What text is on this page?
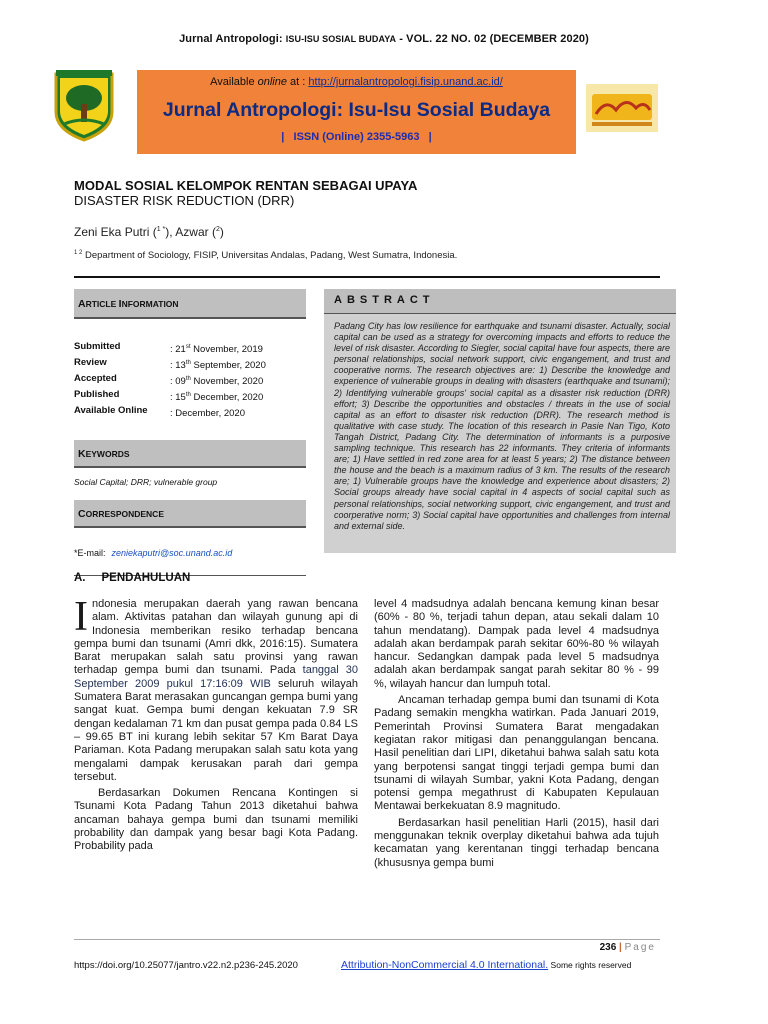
Jurnal Antropologi: ISU-ISU SOSIAL BUDAYA - VOL. 22 NO. 02 (DECEMBER 2020)
Available online at : http://jurnalantropologi.fisip.unand.ac.id/
Jurnal Antropologi: Isu-Isu Sosial Budaya
|   ISSN (Online) 2355-5963   |
MODAL SOSIAL KELOMPOK RENTAN SEBAGAI UPAYA
DISASTER RISK REDUCTION (DRR)
Zeni Eka Putri ($^{1 *}$), Azwar ($^2$)
$^{1 2}$ Department of Sociology, FISIP, Universitas Andalas, Padang, West Sumatra, Indonesia.
ARTICLE INFORMATION
Submitted	: 21st November, 2019
Review	: 13th September, 2020
Accepted	: 09th November, 2020
Published	: 15th December, 2020
Available Online	: December, 2020
KEYWORDS
Social Capital; DRR; vulnerable group
CORRESPONDENCE
*E-mail: zeniekaputri@soc.unand.ac.id
ABSTRACT
Padang City has low resilience for earthquake and tsunami disaster. Actually, social capital can be used as a strategy for overcoming impacts and efforts to reduce the level of risk disaster. According to Siegler, social capital have four aspects, there are personal relationships, social network support, civic engangement, and trust and cooperative norms. The research objectives are: 1) Describe the knowledge and experience of vulnerable groups in dealing with disasters (earthquake and tsunami); 2) Identifying vulnerable groups' social capital as a disaster risk reduction (DRR) effort; 3) Describe the opportunities and obstacles / threats in the use of social capital as an effort to disaster risk reduction (DRR). The research method is qualitative with case study. The location of this research in Pasie Nan Tigo, Koto Tangah District, Padang City. The determination of informants is a purposive sampling technique. This research has 22 informants. They criteria of informants are; 1) Have settled in red zone area for at least 5 years; 2) The distance between the house and the beach is a maximum radius of 3 km. The results of the research are; 1) Vulnerable groups have the knowledge and experience about disasters; 2) Social groups already have social capital in 4 aspects of social capital such as personal relationships, social networking support, civic engangement, and trust and coorperative norm; 3) Social capital have opportunities and challenges from internal and external side.
A. PENDAHULUAN

Indonesia merupakan daerah yang rawan bencana alam. Aktivitas patahan dan wilayah gunung api di Indonesia memberikan resiko terhadap bencana gempa bumi dan tsunami (Amri dkk, 2016:15). Sumatera Barat merupakan salah satu provinsi yang rawan terhadap gempa bumi dan tsunami. Pada tanggal 30 September 2009 pukul 17:16:09 WIB seluruh wilayah Sumatera Barat merasakan guncangan gempa bumi yang sangat kuat. Gempa bumi dengan kekuatan 7.9 SR dengan kedalaman 71 km dan pusat gempa pada 0.84 LS – 99.65 BT ini kurang lebih sekitar 57 Km Barat Daya Pariaman. Kota Padang merupakan salah satu kota yang mengalami dampak kerusakan parah dari gempa tersebut.

Berdasarkan Dokumen Rencana Kontingen si Tsunami Kota Padang Tahun 2013 diketahui bahwa ancaman bahaya gempa bumi dan tsunami memiliki probability dan dampak yang besar bagi Kota Padang. Probability pada

level 4 madsudnya adalah bencana kemung kinan besar (60% - 80 %, terjadi tahun depan, atau sekali dalam 10 tahun mendatang). Dampak pada level 4 madsudnya adalah akan berdampak parah sekitar 60%-80 % wilayah hancur. Sedangkan dampak pada level 5 madsudnya adalah akan berdampak sangat parah sekitar 80 % - 99 %, wilayah hancur dan lumpuh total.

Ancaman terhadap gempa bumi dan tsunami di Kota Padang semakin mengkha watirkan. Pada Januari 2019, Pemerintah Provinsi Sumatera Barat mengadakan kegiatan rakor mitigasi dan penanggulangan bencana. Hasil penelitian dari LIPI, diketahui bahwa salah satu kota yang berpotensi sangat tinggi terjadi gempa bumi dan tsunami di wilayah Sumbar, yakni Kota Padang, dengan potensi gempa megathrust di Kabupaten Kepulauan Mentawai berkekuatan 8.9 magnitudo.

Berdasarkan hasil penelitian Harli (2015), hasil dari menggunakan teknik overplay diketahui bahwa ada tujuh kecamatan yang kerentanan tinggi terhadap bencana (khususnya gempa bumi

236 | Page
https://doi.org/10.25077/jantro.v22.n2.p236-245.2020	Attribution-NonCommercial 4.0 International. Some rights reserved
